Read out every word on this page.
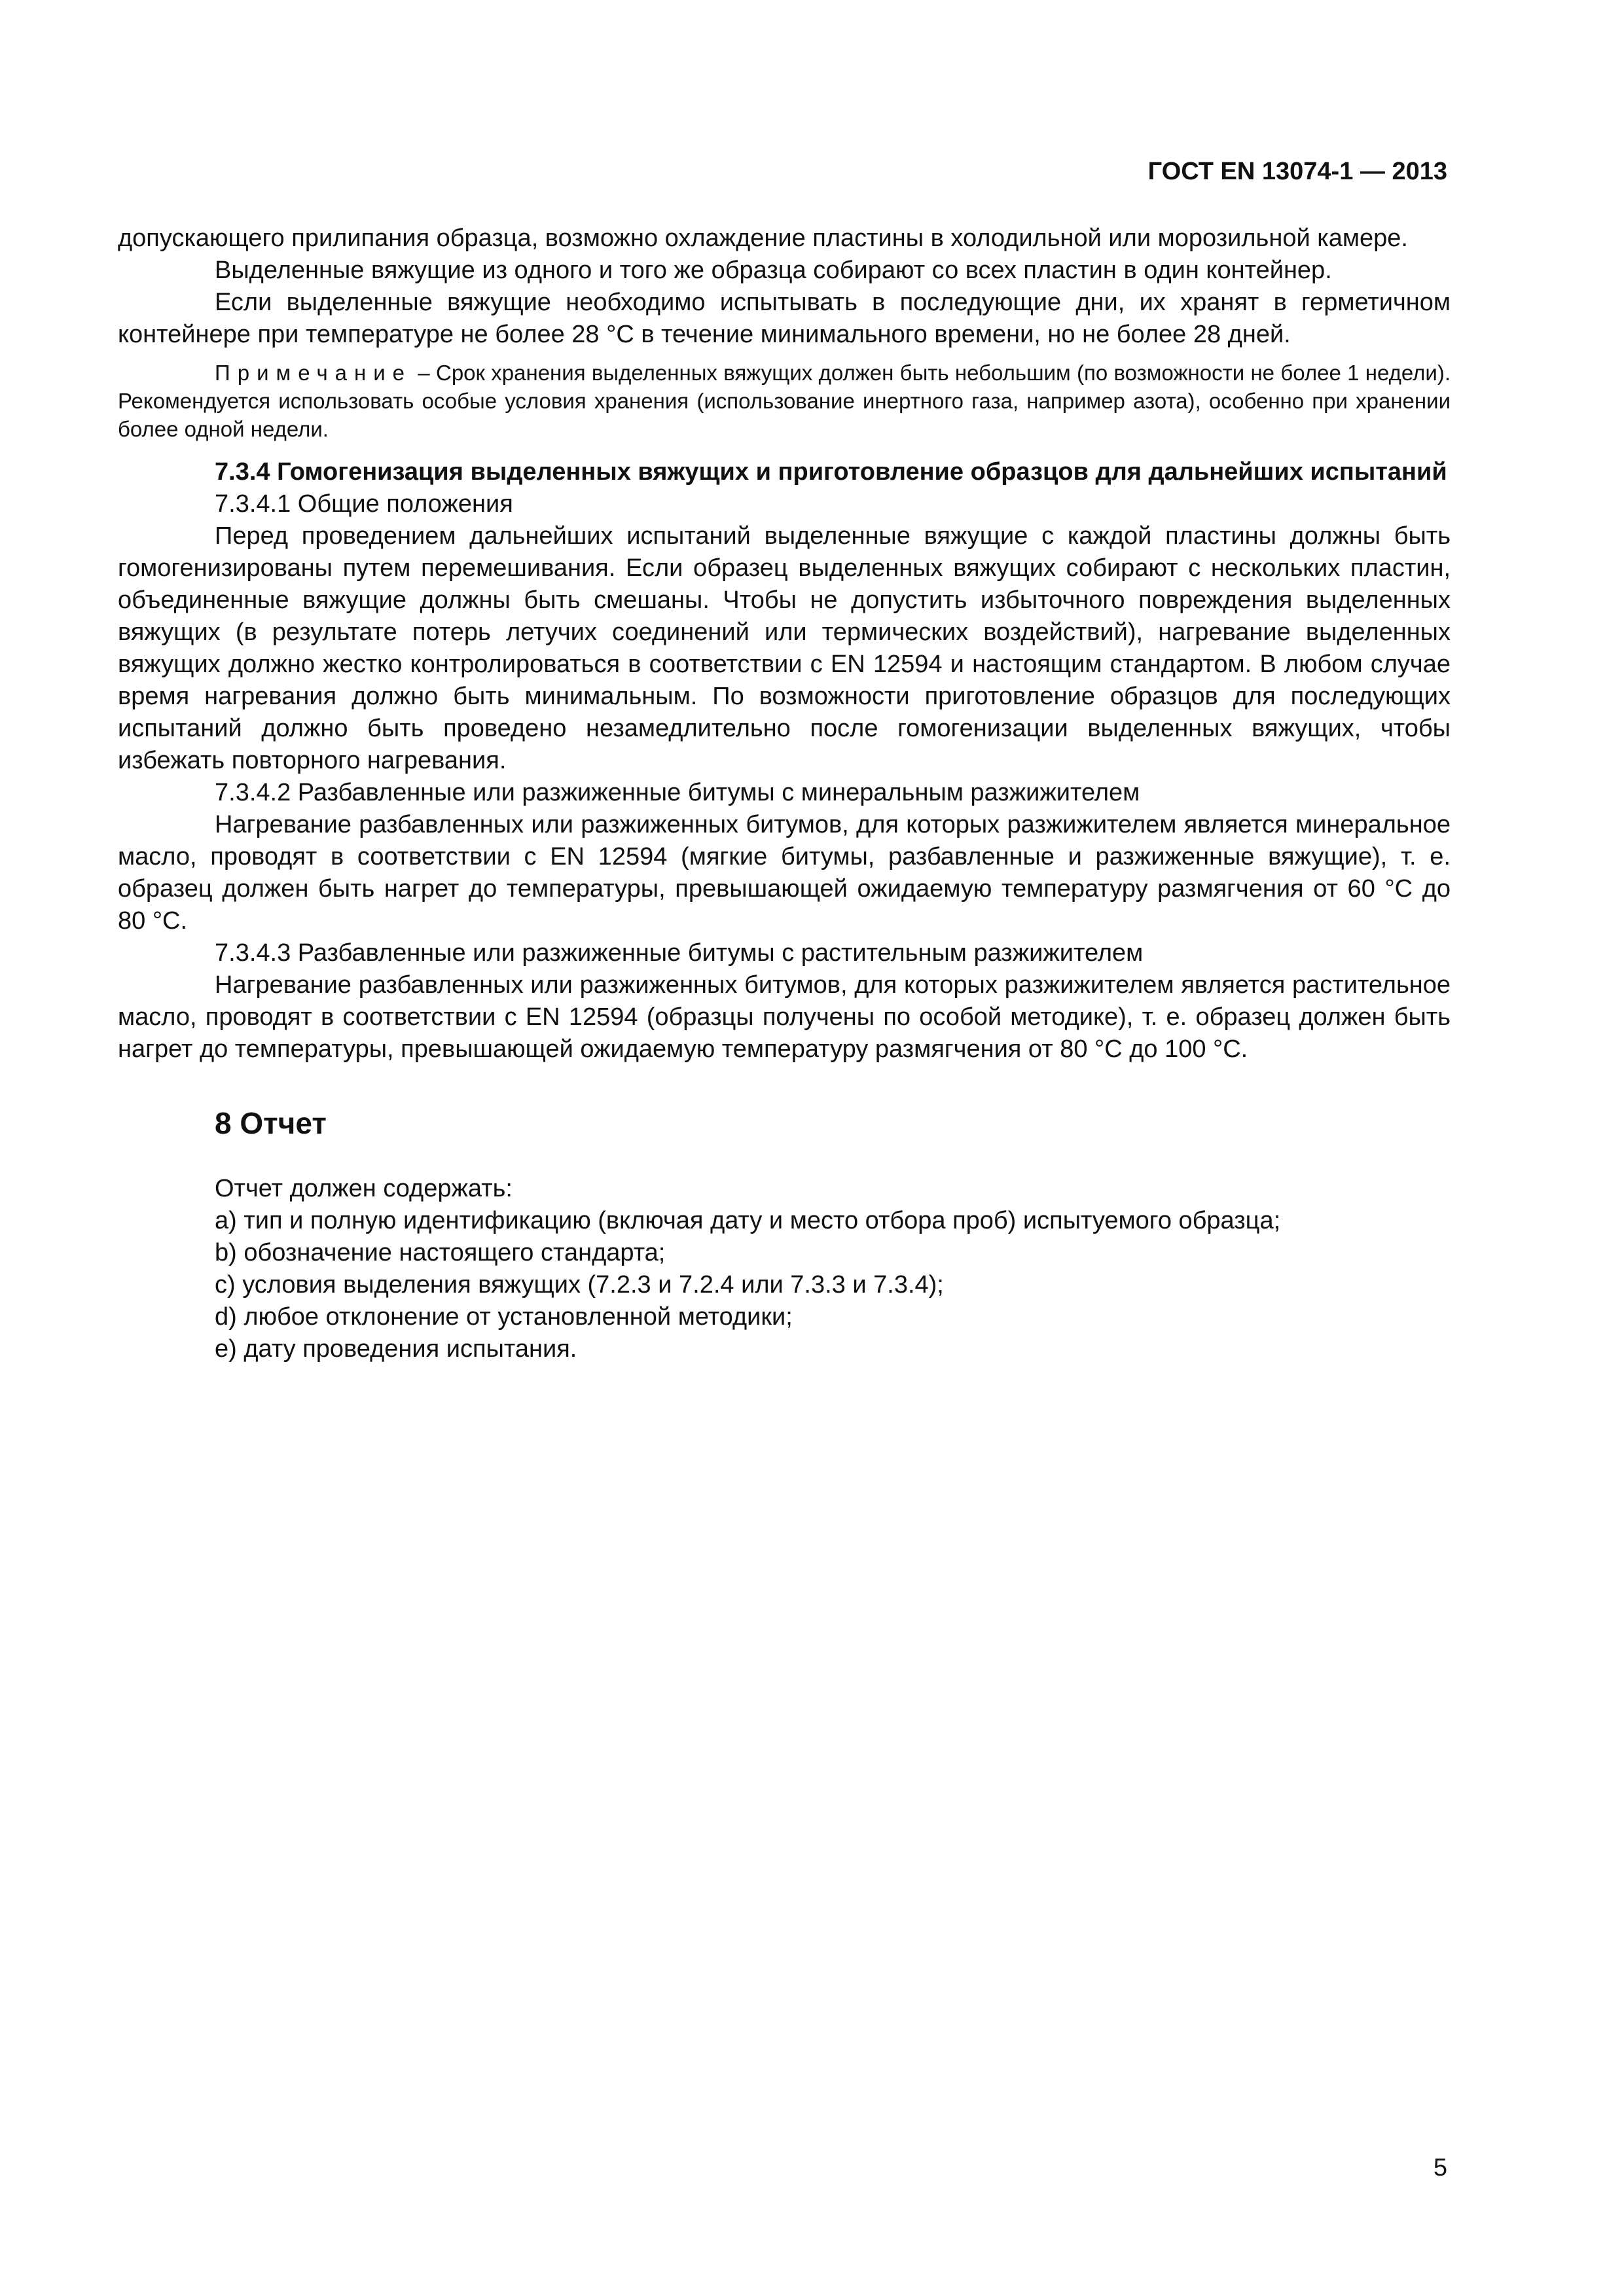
ГОСТ EN 13074-1 — 2013

допускающего прилипания образца, возможно охлаждение пластины в холодильной или морозильной камере.

Выделенные вяжущие из одного и того же образца собирают со всех пластин в один контейнер.

Если выделенные вяжущие необходимо испытывать в последующие дни, их хранят в герметичном контейнере при температуре не более 28 °С в течение минимального времени, но не более 28 дней.

Примечание – Срок хранения выделенных вяжущих должен быть небольшим (по возможности не более 1 недели). Рекомендуется использовать особые условия хранения (использование инертного газа, например азота), особенно при хранении более одной недели.

7.3.4 Гомогенизация выделенных вяжущих и приготовление образцов для дальнейших испытаний

7.3.4.1 Общие положения

Перед проведением дальнейших испытаний выделенные вяжущие с каждой пластины должны быть гомогенизированы путем перемешивания. Если образец выделенных вяжущих собирают с нескольких пластин, объединенные вяжущие должны быть смешаны. Чтобы не допустить избыточного повреждения выделенных вяжущих (в результате потерь летучих соединений или термических воздействий), нагревание выделенных вяжущих должно жестко контролироваться в соответствии с EN 12594 и настоящим стандартом. В любом случае время нагревания должно быть минимальным. По возможности приготовление образцов для последующих испытаний должно быть проведено незамедлительно после гомогенизации выделенных вяжущих, чтобы избежать повторного нагревания.

7.3.4.2 Разбавленные или разжиженные битумы с минеральным разжижителем

Нагревание разбавленных или разжиженных битумов, для которых разжижителем является минеральное масло, проводят в соответствии с EN 12594 (мягкие битумы, разбавленные и разжиженные вяжущие), т. е. образец должен быть нагрет до температуры, превышающей ожидаемую температуру размягчения от 60 °С до 80 °С.

7.3.4.3 Разбавленные или разжиженные битумы с растительным разжижителем

Нагревание разбавленных или разжиженных битумов, для которых разжижителем является растительное масло, проводят в соответствии с EN 12594 (образцы получены по особой методике), т. е. образец должен быть нагрет до температуры, превышающей ожидаемую температуру размягчения от 80 °С до 100 °С.

8 Отчет

Отчет должен содержать:

a) тип и полную идентификацию (включая дату и место отбора проб) испытуемого образца;
b) обозначение настоящего стандарта;
c) условия выделения вяжущих (7.2.3 и 7.2.4 или 7.3.3 и 7.3.4);
d) любое отклонение от установленной методики;
e) дату проведения испытания.
5
